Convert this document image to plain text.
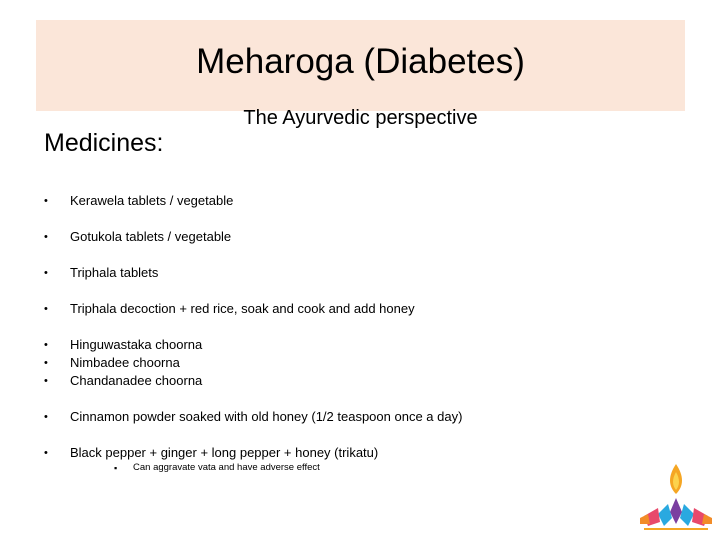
Meharoga (Diabetes)
The Ayurvedic perspective
Medicines:
• Kerawela tablets / vegetable
• Gotukola tablets / vegetable
• Triphala tablets
• Triphala decoction + red rice, soak and cook and add honey
• Hinguwastaka choorna
• Nimbadee choorna
• Chandanadee choorna
• Cinnamon powder soaked with old honey (1/2 teaspoon once a day)
• Black pepper + ginger + long pepper + honey (trikatu)
▪ Can aggravate vata and have adverse effect
